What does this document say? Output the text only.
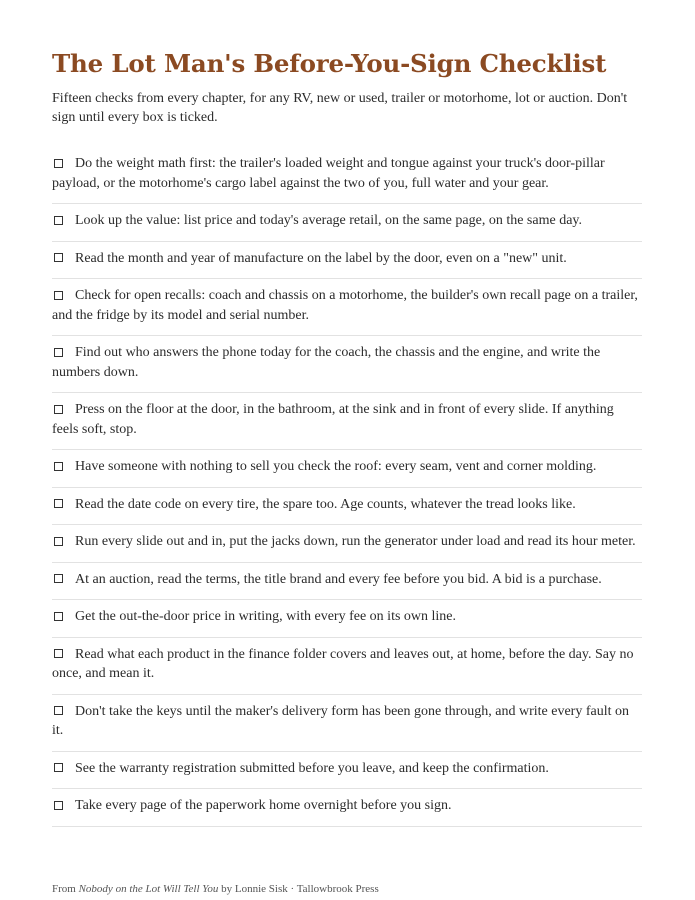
The Lot Man's Before-You-Sign Checklist

Fifteen checks from every chapter, for any RV, new or used, trailer or motorhome, lot or auction. Don't sign until every box is ticked.

Do the weight math first: the trailer's loaded weight and tongue against your truck's door-pillar payload, or the motorhome's cargo label against the two of you, full water and your gear.
Look up the value: list price and today's average retail, on the same page, on the same day.
Read the month and year of manufacture on the label by the door, even on a "new" unit.
Check for open recalls: coach and chassis on a motorhome, the builder's own recall page on a trailer, and the fridge by its model and serial number.
Find out who answers the phone today for the coach, the chassis and the engine, and write the numbers down.
Press on the floor at the door, in the bathroom, at the sink and in front of every slide. If anything feels soft, stop.
Have someone with nothing to sell you check the roof: every seam, vent and corner molding.
Read the date code on every tire, the spare too. Age counts, whatever the tread looks like.
Run every slide out and in, put the jacks down, run the generator under load and read its hour meter.
At an auction, read the terms, the title brand and every fee before you bid. A bid is a purchase.
Get the out-the-door price in writing, with every fee on its own line.
Read what each product in the finance folder covers and leaves out, at home, before the day. Say no once, and mean it.
Don't take the keys until the maker's delivery form has been gone through, and write every fault on it.
See the warranty registration submitted before you leave, and keep the confirmation.
Take every page of the paperwork home overnight before you sign.
From Nobody on the Lot Will Tell You by Lonnie Sisk · Tallowbrook Press
